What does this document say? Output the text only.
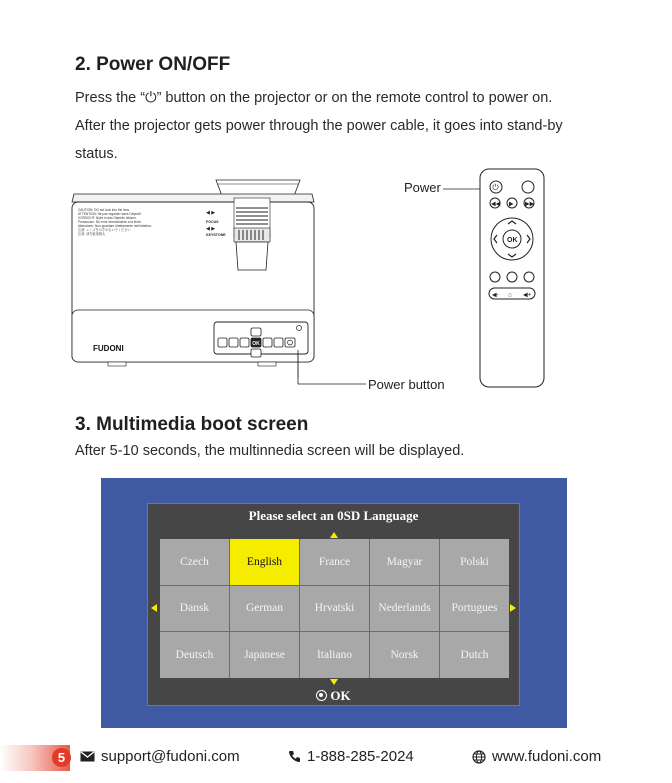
2. Power ON/OFF
Press the “⏻” button on the projector or on the remote control to power on.
After the projector gets power through the power cable, it goes into stand-by
status.
CAUTION: DO not look into the lens.
ATTENTION: Ne pas regarder dans l'objectif.
VORSICHT: Nicht in das Objektiv blicken.
Precaucion: NO mire directamente a la lente.
Attenzione: Non guardare direttamente nell'obiettivo.
注意: レンズをのぞかないでください
注意: 请勿直视镜头
◀ ▶
FOCUS
◀ ▶
KEYSTONE
FUDONI	OK
Power button
Power	⏻
◀◀ ▶ ▶▶
OK
◀- ⌂ ◀+
3. Multimedia boot screen
After 5-10 seconds, the multinnedia screen will be displayed.
Please select an 0SD Language
Czech	English	France	Magyar	Polski
Dansk	German	Hrvatski	Nederlands	Portugues
Deutsch	Japanese	Italiano	Norsk	Dutch
OK
5	support@fudoni.com	1-888-285-2024	www.fudoni.com
